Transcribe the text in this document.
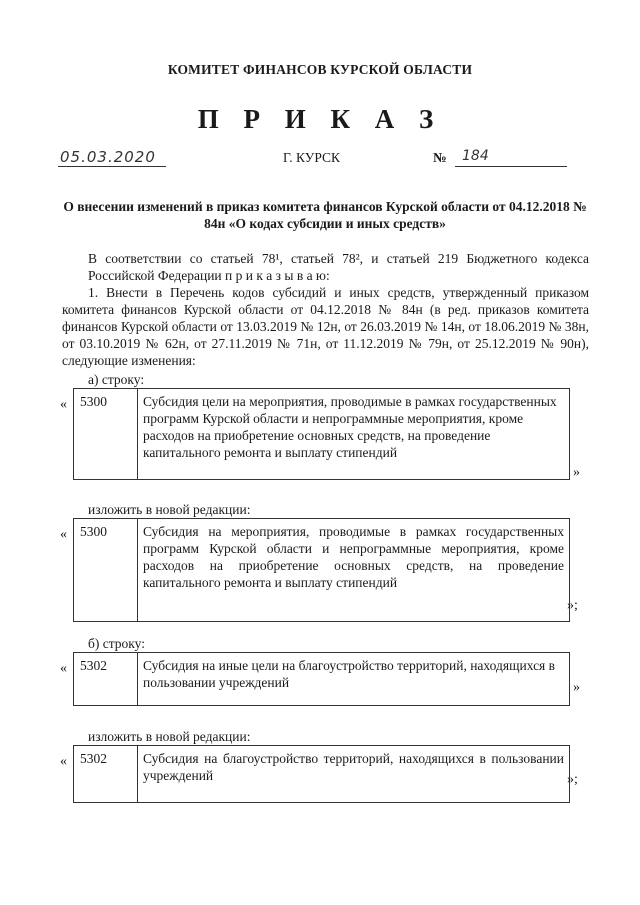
КОМИТЕТ ФИНАНСОВ КУРСКОЙ ОБЛАСТИ
П Р И К А З
05.03.2020	Г. КУРСК	№ 184
О внесении изменений в приказ комитета финансов Курской области от 04.12.2018 № 84н «О кодах субсидии и иных средств»
В соответствии со статьей 78¹, статьей 78², и статьей 219 Бюджетного кодекса Российской Федерации п р и к а з ы в а ю:
1. Внести в Перечень кодов субсидий и иных средств, утвержденный приказом комитета финансов Курской области от 04.12.2018 № 84н (в ред. приказов комитета финансов Курской области от 13.03.2019 № 12н, от 26.03.2019 № 14н, от 18.06.2019 № 38н, от 03.10.2019 № 62н, от 27.11.2019 № 71н, от 11.12.2019 № 79н, от 25.12.2019 № 90н), следующие изменения:
а) строку:
« 5300	Субсидия цели на мероприятия, проводимые в рамках государственных программ Курской области и непрограммные мероприятия, кроме расходов на приобретение основных средств, на проведение капитального ремонта и выплату стипендий
»
изложить в новой редакции:
« 5300	Субсидия на мероприятия, проводимые в рамках государственных программ Курской области и непрограммные мероприятия, кроме расходов на приобретение основных средств, на проведение капитального ремонта и выплату стипендий
»;
б) строку:
« 5302	Субсидия на иные цели на благоустройство территорий, находящихся в пользовании учреждений	»
изложить в новой редакции:
« 5302	Субсидия на благоустройство территорий, находящихся в пользовании учреждений	»;
